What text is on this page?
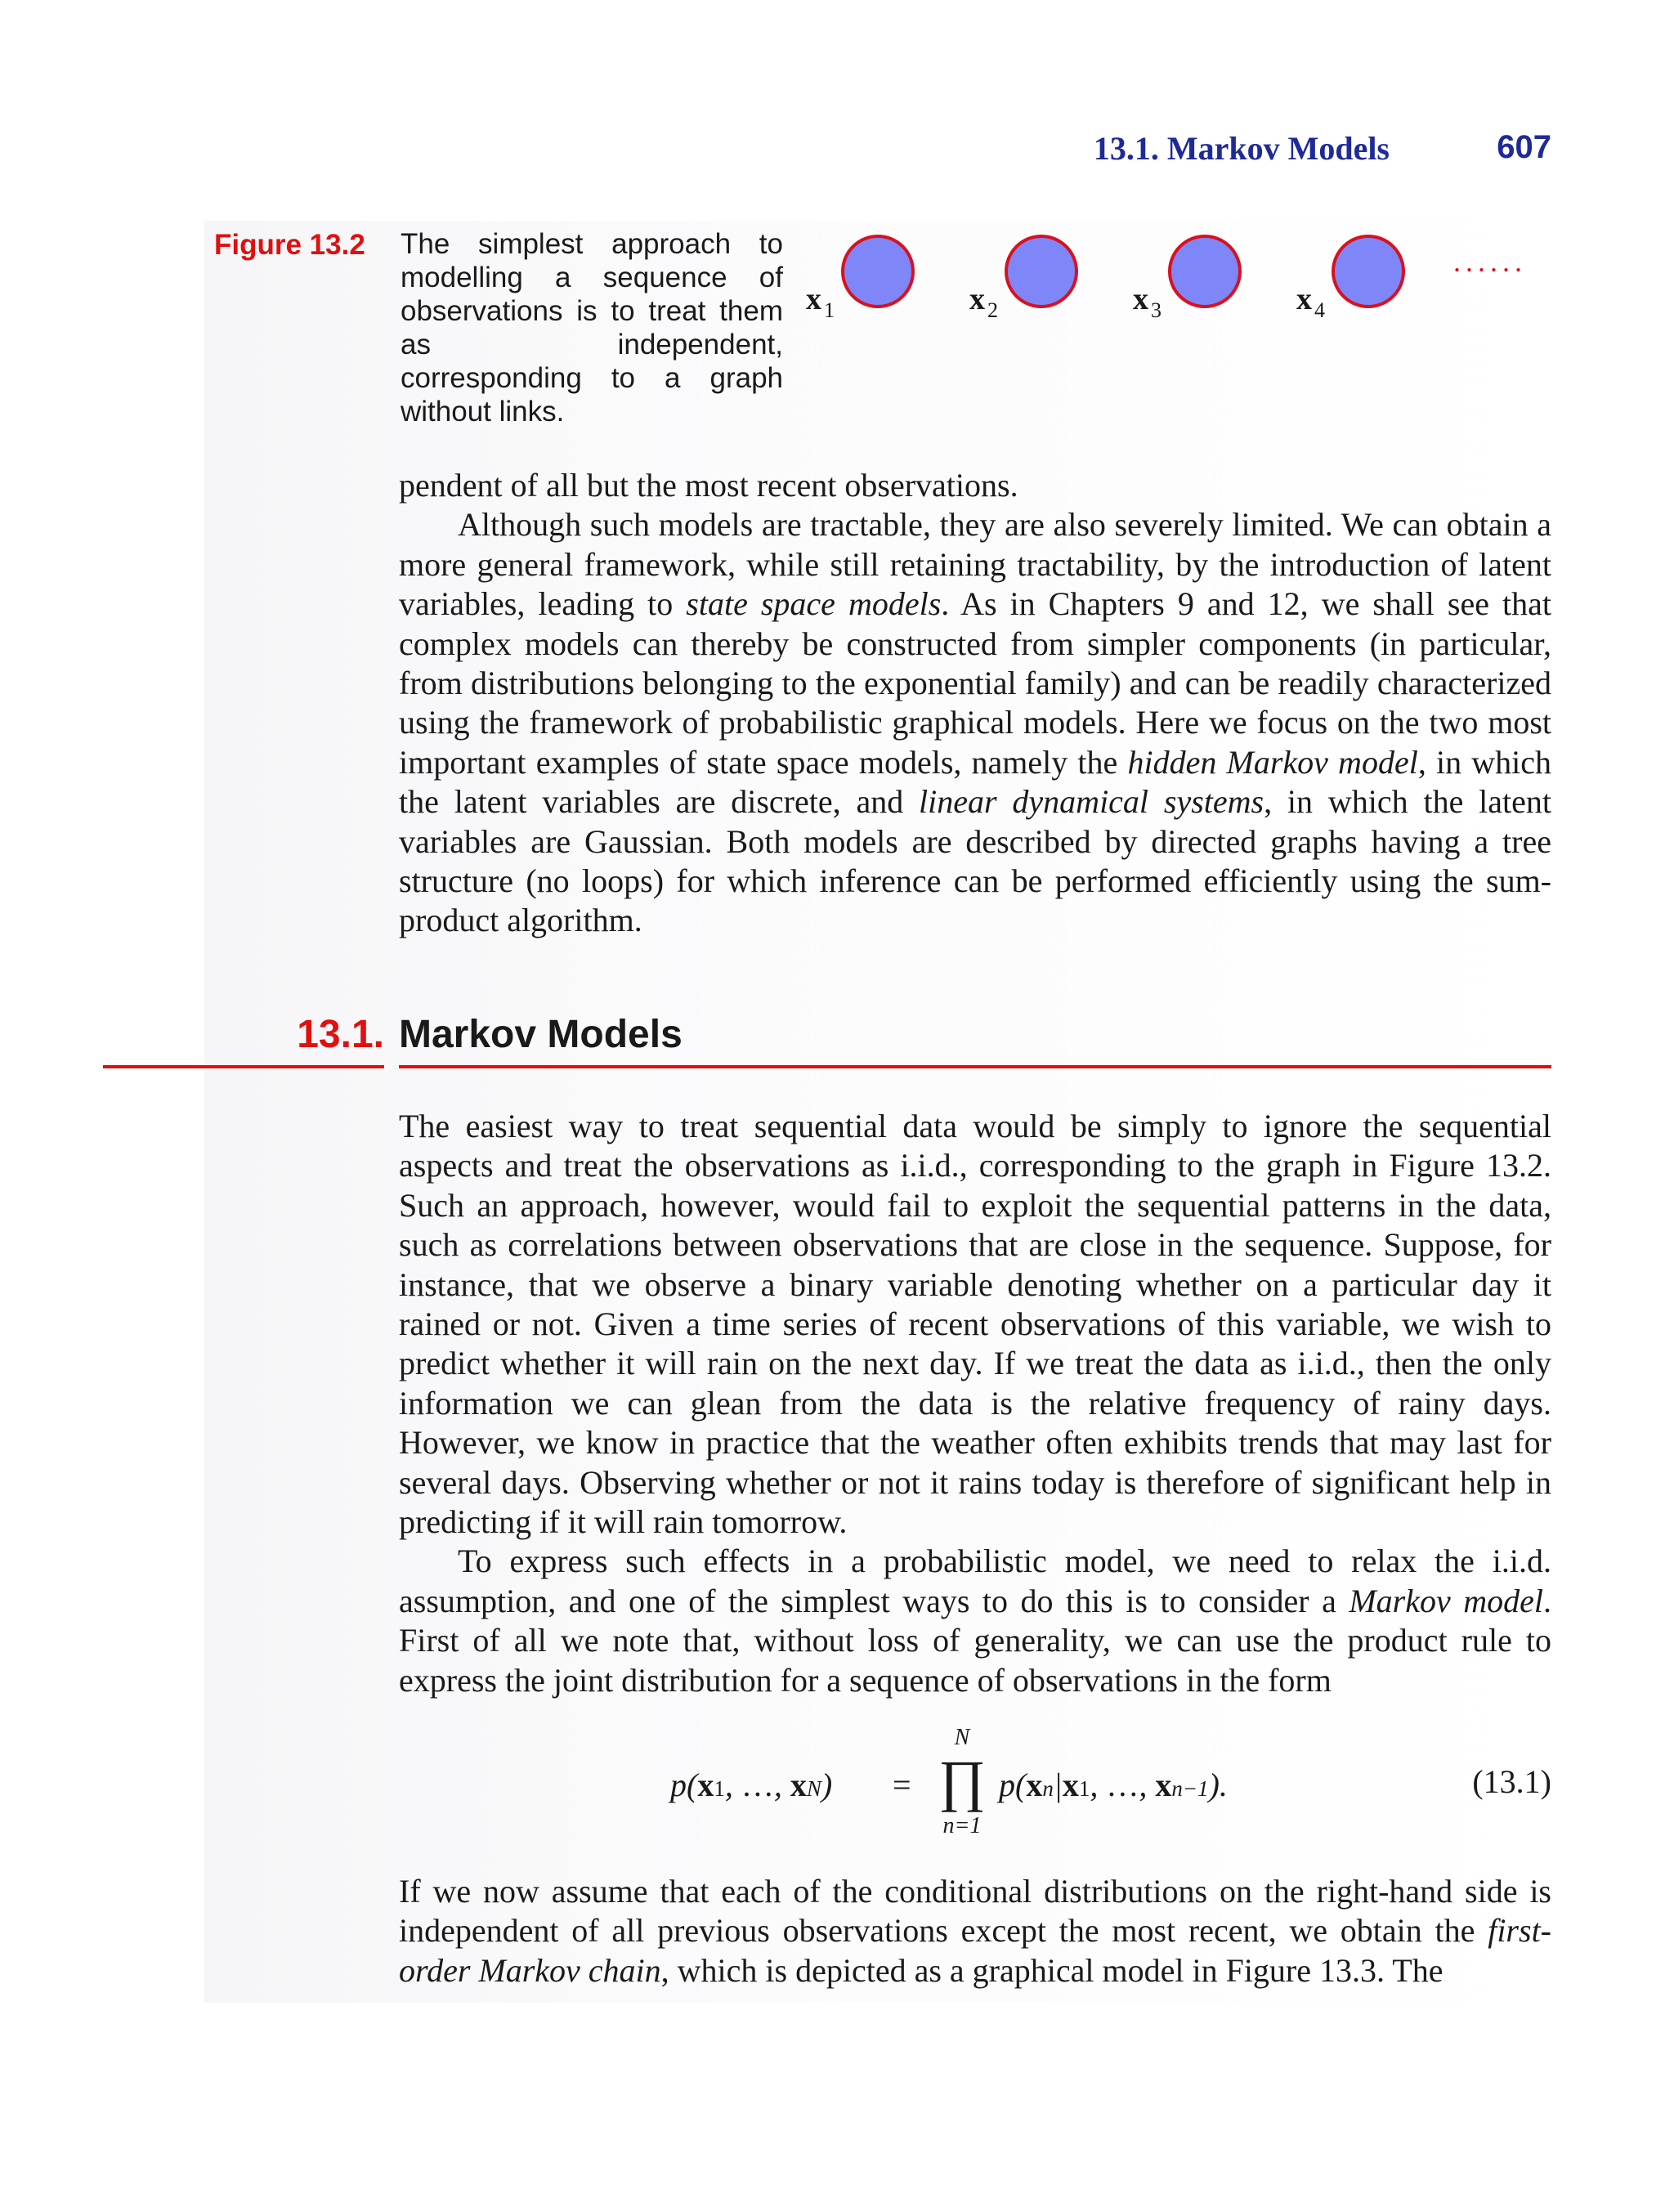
13.1. Markov Models	607
Figure 13.2 The simplest approach to modelling a sequence of observations is to treat them as independent, corresponding to a graph without links.
x 1	x 2	x 3	x 4
......

pendent of all but the most recent observations.

Although such models are tractable, they are also severely limited. We can obtain a more general framework, while still retaining tractability, by the introduction of latent variables, leading to state space models. As in Chapters 9 and 12, we shall see that complex models can thereby be constructed from simpler components (in particular, from distributions belonging to the exponential family) and can be readily characterized using the framework of probabilistic graphical models. Here we focus on the two most important examples of state space models, namely the hidden Markov model, in which the latent variables are discrete, and linear dynamical systems, in which the latent variables are Gaussian. Both models are described by directed graphs having a tree structure (no loops) for which inference can be performed efficiently using the sum-product algorithm.

13.1. Markov Models

The easiest way to treat sequential data would be simply to ignore the sequential aspects and treat the observations as i.i.d., corresponding to the graph in Figure 13.2. Such an approach, however, would fail to exploit the sequential patterns in the data, such as correlations between observations that are close in the sequence. Suppose, for instance, that we observe a binary variable denoting whether on a particular day it rained or not. Given a time series of recent observations of this variable, we wish to predict whether it will rain on the next day. If we treat the data as i.i.d., then the only information we can glean from the data is the relative frequency of rainy days. However, we know in practice that the weather often exhibits trends that may last for several days. Observing whether or not it rains today is therefore of significant help in predicting if it will rain tomorrow.

To express such effects in a probabilistic model, we need to relax the i.i.d. assumption, and one of the simplest ways to do this is to consider a Markov model. First of all we note that, without loss of generality, we can use the product rule to express the joint distribution for a sequence of observations in the form

p(x1, …, xN) =
N
∏
n=1
p(xn|x1, …, xn−1).	(13.1)

If we now assume that each of the conditional distributions on the right-hand side is independent of all previous observations except the most recent, we obtain the first-order Markov chain, which is depicted as a graphical model in Figure 13.3. The
